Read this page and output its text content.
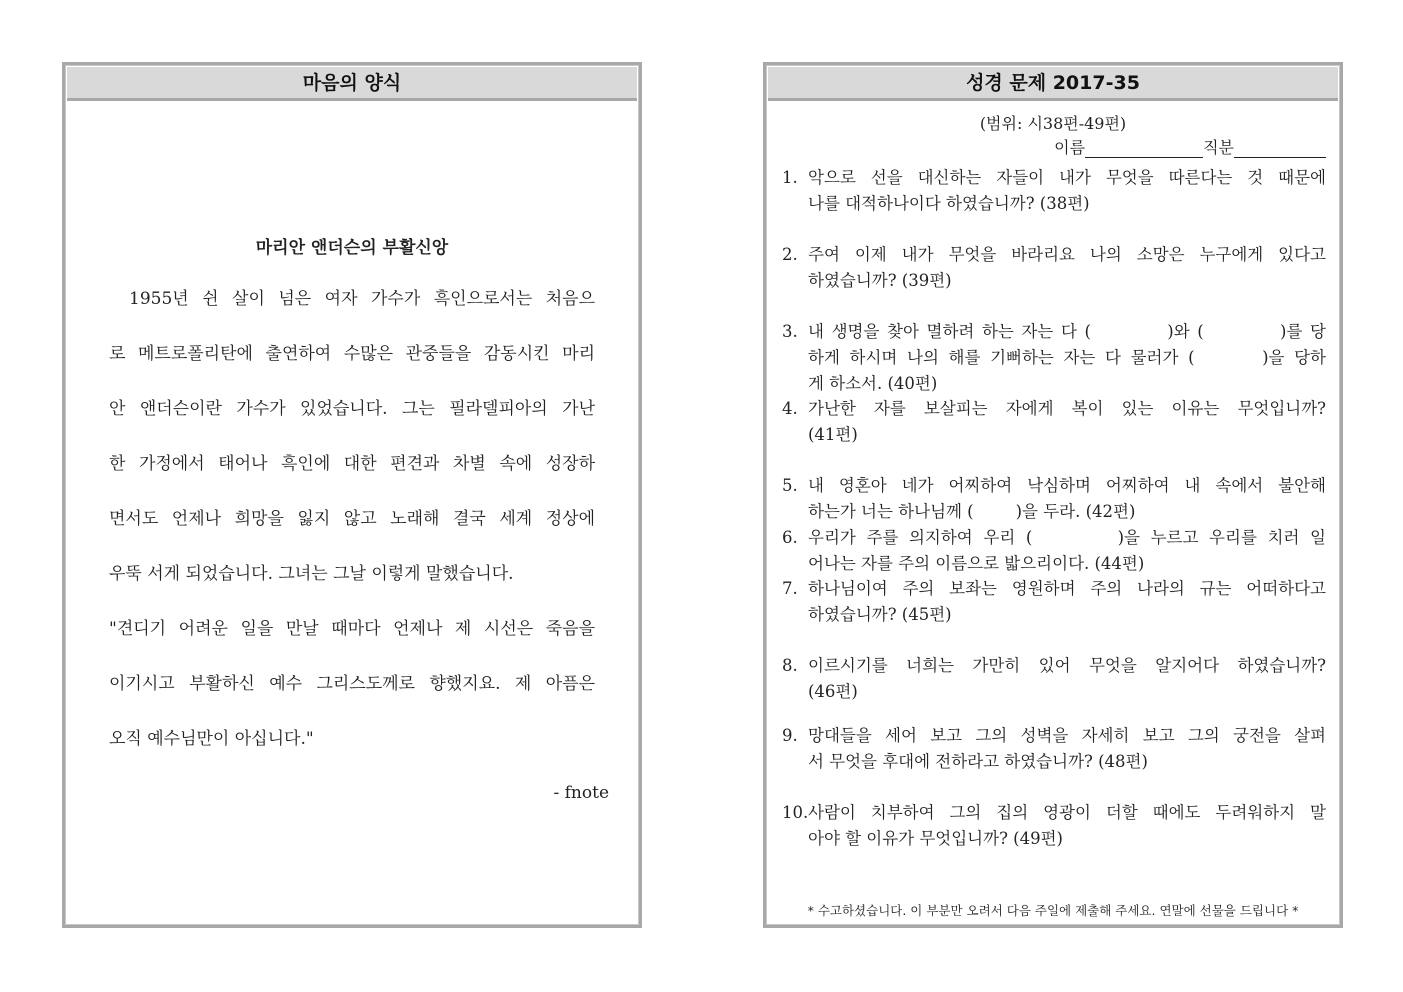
마음의 양식
마리안 앤더슨의 부활신앙
1955년 쉰 살이 넘은 여자 가수가 흑인으로서는 처음으
로 메트로폴리탄에 출연하여 수많은 관중들을 감동시킨 마리
안 앤더슨이란 가수가 있었습니다. 그는 필라델피아의 가난
한 가정에서 태어나 흑인에 대한 편견과 차별 속에 성장하
면서도 언제나 희망을 잃지 않고 노래해 결국 세계 정상에
우뚝 서게 되었습니다. 그녀는 그날 이렇게 말했습니다.
"견디기 어려운 일을 만날 때마다 언제나 제 시선은 죽음을
이기시고 부활하신 예수 그리스도께로 향했지요. 제 아픔은
오직 예수님만이 아십니다."
- fnote
성경 문제 2017-35
(범위: 시38편-49편)
이름	직분
1. 악으로 선을 대신하는 자들이 내가 무엇을 따른다는 것 때문에
나를 대적하나이다 하였습니까? (38편)
2. 주여 이제 내가 무엇을 바라리요 나의 소망은 누구에게 있다고
하였습니까? (39편)
3. 내 생명을 찾아 멸하려 하는 자는 다 (          )와 (          )를 당
하게 하시며 나의 해를 기뻐하는 자는 다 물러가 (       )을 당하
게 하소서. (40편)
4. 가난한 자를 보살피는 자에게 복이 있는 이유는 무엇입니까?
(41편)
5. 내 영혼아 네가 어찌하여 낙심하며 어찌하여 내 속에서 불안해
하는가 너는 하나님께 (        )을 두라. (42편)
6. 우리가 주를 의지하여 우리 (        )을 누르고 우리를 치러 일
어나는 자를 주의 이름으로 밟으리이다. (44편)
7. 하나님이여 주의 보좌는 영원하며 주의 나라의 규는 어떠하다고
하였습니까? (45편)
8. 이르시기를 너희는 가만히 있어 무엇을 알지어다 하였습니까?
(46편)
9. 망대들을 세어 보고 그의 성벽을 자세히 보고 그의 궁전을 살펴
서 무엇을 후대에 전하라고 하였습니까? (48편)
10. 사람이 치부하여 그의 집의 영광이 더할 때에도 두려워하지 말
아야 할 이유가 무엇입니까? (49편)
* 수고하셨습니다. 이 부분만 오려서 다음 주일에 제출해 주세요. 연말에 선물을 드립니다 *
